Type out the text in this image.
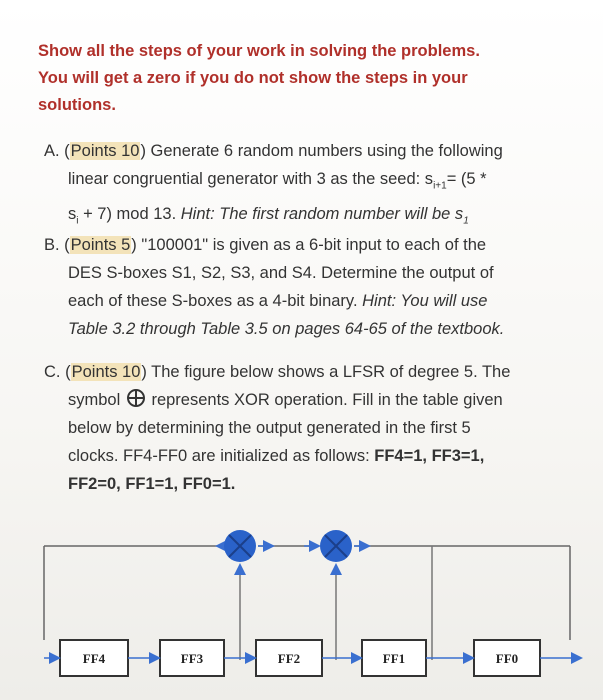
Show all the steps of your work in solving the problems.
You will get a zero if you do not show the steps in your
solutions.
A. (Points 10) Generate 6 random numbers using the following
linear congruential generator with 3 as the seed: $s_{i+1}= (5$ *
$s_i + 7$) mod 13. Hint: The first random number will be $s_1$
B. (Points 5) "100001" is given as a 6-bit input to each of the
DES S-boxes S1, S2, S3, and S4. Determine the output of
each of these S-boxes as a 4-bit binary. Hint: You will use
Table 3.2 through Table 3.5 on pages 64-65 of the textbook.
C. (Points 10) The figure below shows a LFSR of degree 5. The
symbol represents XOR operation. Fill in the table given
below by determining the output generated in the first 5
clocks. FF4-FF0 are initialized as follows: FF4=1, FF3=1,
FF2=0, FF1=1, FF0=1.
FF4	FF3	FF2	FF1	FF0
